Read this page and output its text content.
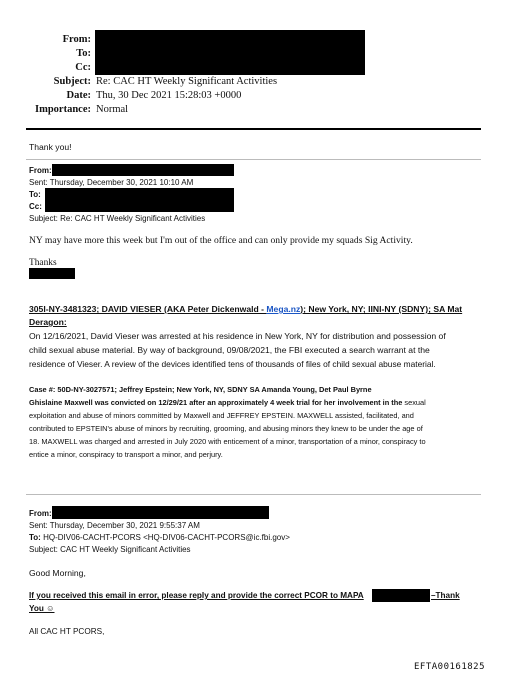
From:
To:
Cc:
Subject: Re: CAC HT Weekly Significant Activities
Date: Thu, 30 Dec 2021 15:28:03 +0000
Importance: Normal
Thank you!
From:
Sent: Thursday, December 30, 2021 10:10 AM
To:
Cc:
Subject: Re: CAC HT Weekly Significant Activities
NY may have more this week but I'm out of the office and can only provide my squads Sig Activity.
Thanks
305I-NY-3481323; DAVID VIESER (AKA Peter Dickenwald - Mega.nz); New York, NY; IINI-NY (SDNY); SA Mat
Deragon:
On 12/16/2021, David Vieser was arrested at his residence in New York, NY for distribution and possession of
child sexual abuse material. By way of background, 09/08/2021, the FBI executed a search warrant at the
residence of Vieser. A review of the devices identified tens of thousands of files of child sexual abuse material.
Case #: 50D-NY-3027571; Jeffrey Epstein; New York, NY, SDNY SA Amanda Young, Det Paul Byrne
Ghislaine Maxwell was convicted on 12/29/21 after an approximately 4 week trial for her involvement in the sexual
exploitation and abuse of minors committed by Maxwell and JEFFREY EPSTEIN. MAXWELL assisted, facilitated, and
contributed to EPSTEIN's abuse of minors by recruiting, grooming, and abusing minors they knew to be under the age of
18. MAXWELL was charged and arrested in July 2020 with enticement of a minor, transportation of a minor, conspiracy to
entice a minor, conspiracy to transport a minor, and perjury.
From:
Sent: Thursday, December 30, 2021 9:55:37 AM
To: HQ-DIV06-CACHT-PCORS <HQ-DIV06-CACHT-PCORS@ic.fbi.gov>
Subject: CAC HT Weekly Significant Activities
Good Morning,
If you received this email in error, please reply and provide the correct PCOR to MAPA	–Thank
You ☺
All CAC HT PCORS,
EFTA00161825
